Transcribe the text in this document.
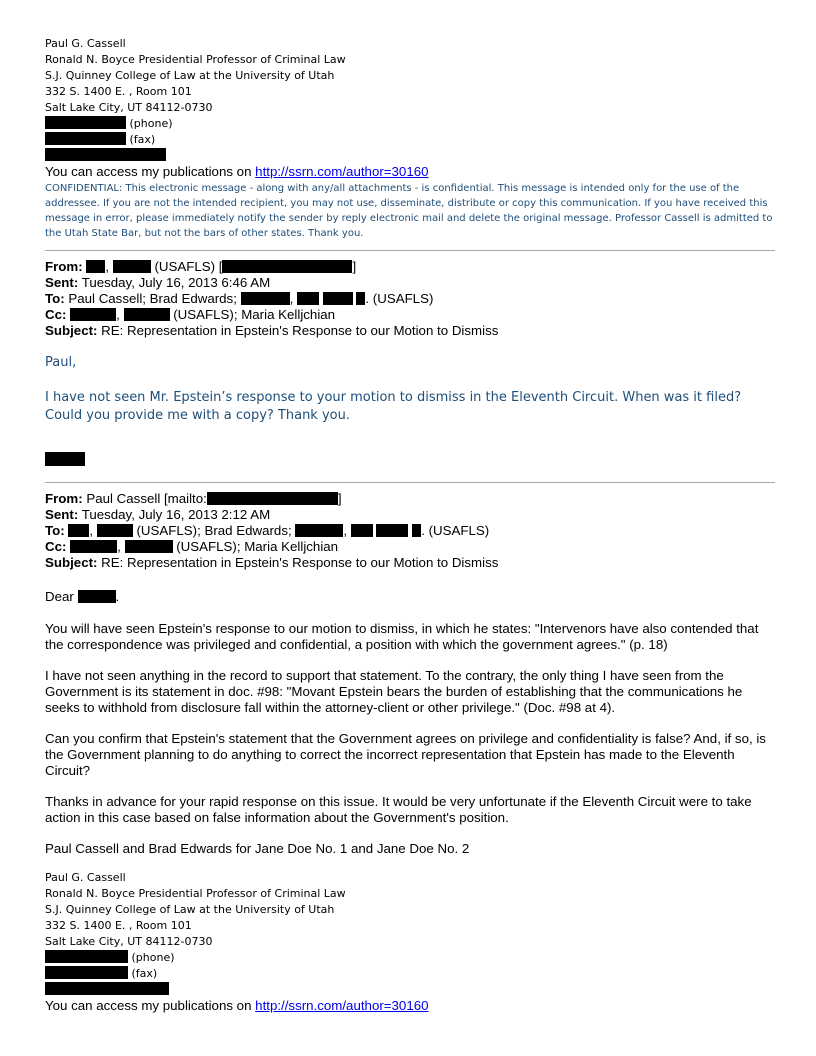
Paul G. Cassell
Ronald N. Boyce Presidential Professor of Criminal Law
S.J. Quinney College of Law at the University of Utah
332 S. 1400 E. , Room 101
Salt Lake City, UT 84112-0730
(phone)
(fax)
You can access my publications on http://ssrn.com/author=30160
CONFIDENTIAL: This electronic message - along with any/all attachments - is confidential. This message is intended only for the use of the addressee. If you are not the intended recipient, you may not use, disseminate, distribute or copy this communication. If you have received this message in error, please immediately notify the sender by reply electronic mail and delete the original message. Professor Cassell is admitted to the Utah State Bar, but not the bars of other states. Thank you.
From: ,	(USAFLS) [	]
Sent: Tuesday, July 16, 2013 6:46 AM
To: Paul Cassell; Brad Edwards;	,	. (USAFLS)
Cc:	,	(USAFLS); Maria Kelljchian
Subject: RE: Representation in Epstein's Response to our Motion to Dismiss
Paul,
I have not seen Mr. Epstein’s response to your motion to dismiss in the Eleventh Circuit. When was it filed? Could you provide me with a copy? Thank you.
From: Paul Cassell [mailto:	]
Sent: Tuesday, July 16, 2013 2:12 AM
To: ,	(USAFLS); Brad Edwards;	,	. (USAFLS)
Cc:	,	(USAFLS); Maria Kelljchian
Subject: RE: Representation in Epstein's Response to our Motion to Dismiss
Dear	.
You will have seen Epstein's response to our motion to dismiss, in which he states: "Intervenors have also contended that the correspondence was privileged and confidential, a position with which the government agrees." (p. 18)
I have not seen anything in the record to support that statement. To the contrary, the only thing I have seen from the Government is its statement in doc. #98: "Movant Epstein bears the burden of establishing that the communications he seeks to withhold from disclosure fall within the attorney-client or other privilege." (Doc. #98 at 4).
Can you confirm that Epstein's statement that the Government agrees on privilege and confidentiality is false? And, if so, is the Government planning to do anything to correct the incorrect representation that Epstein has made to the Eleventh Circuit?
Thanks in advance for your rapid response on this issue. It would be very unfortunate if the Eleventh Circuit were to take action in this case based on false information about the Government's position.
Paul Cassell and Brad Edwards for Jane Doe No. 1 and Jane Doe No. 2
Paul G. Cassell
Ronald N. Boyce Presidential Professor of Criminal Law
S.J. Quinney College of Law at the University of Utah
332 S. 1400 E. , Room 101
Salt Lake City, UT 84112-0730
(phone)
(fax)
You can access my publications on http://ssrn.com/author=30160
